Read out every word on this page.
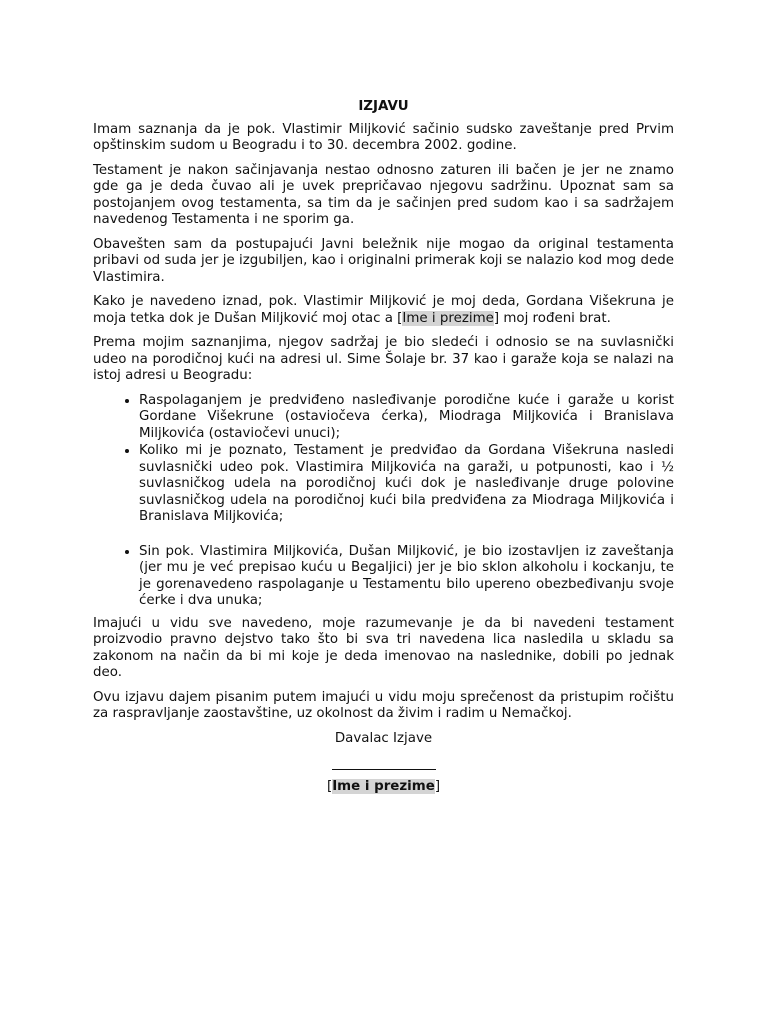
IZJAVU

Imam saznanja da je pok. Vlastimir Miljković sačinio sudsko zaveštanje pred Prvim opštinskim sudom u Beogradu i to 30. decembra 2002. godine.

Testament je nakon sačinjavanja nestao odnosno zaturen ili bačen je jer ne znamo gde ga je deda čuvao ali je uvek prepričavao njegovu sadržinu. Upoznat sam sa postojanjem ovog testamenta, sa tim da je sačinjen pred sudom kao i sa sadržajem navedenog Testamenta i ne sporim ga.

Obavešten sam da postupajući Javni beležnik nije mogao da original testamenta pribavi od suda jer je izgubiljen, kao i originalni primerak koji se nalazio kod mog dede Vlastimira.

Kako je navedeno iznad, pok. Vlastimir Miljković je moj deda, Gordana Višekruna je moja tetka dok je Dušan Miljković moj otac a [Ime i prezime] moj rođeni brat.

Prema mojim saznanjima, njegov sadržaj je bio sledeći i odnosio se na suvlasnički udeo na porodičnoj kući na adresi ul. Sime Šolaje br. 37 kao i garaže koja se nalazi na istoj adresi u Beogradu:

• Raspolaganjem je predviđeno nasleđivanje porodične kuće i garaže u korist Gordane Višekrune (ostaviočeva ćerka), Miodraga Miljkovića i Branislava Miljkovića (ostaviočevi unuci);
• Koliko mi je poznato, Testament je predviđao da Gordana Višekruna nasledi suvlasnički udeo pok. Vlastimira Miljkovića na garaži, u potpunosti, kao i ½ suvlasničkog udela na porodičnoj kući dok je nasleđivanje druge polovine suvlasničkog udela na porodičnoj kući bila predviđena za Miodraga Miljkovića i Branislava Miljkovića;
• Sin pok. Vlastimira Miljkovića, Dušan Miljković, je bio izostavljen iz zaveštanja (jer mu je već prepisao kuću u Begaljici) jer je bio sklon alkoholu i kockanju, te je gorenavedeno raspolaganje u Testamentu bilo upereno obezbeđivanju svoje ćerke i dva unuka;

Imajući u vidu sve navedeno, moje razumevanje je da bi navedeni testament proizvodio pravno dejstvo tako što bi sva tri navedena lica nasledila u skladu sa zakonom na način da bi mi koje je deda imenovao na naslednike, dobili po jednak deo.

Ovu izjavu dajem pisanim putem imajući u vidu moju sprečenost da pristupim ročištu za raspravljanje zaostavštine, uz okolnost da živim i radim u Nemačkoj.

Davalac Izjave
[Ime i prezime]
